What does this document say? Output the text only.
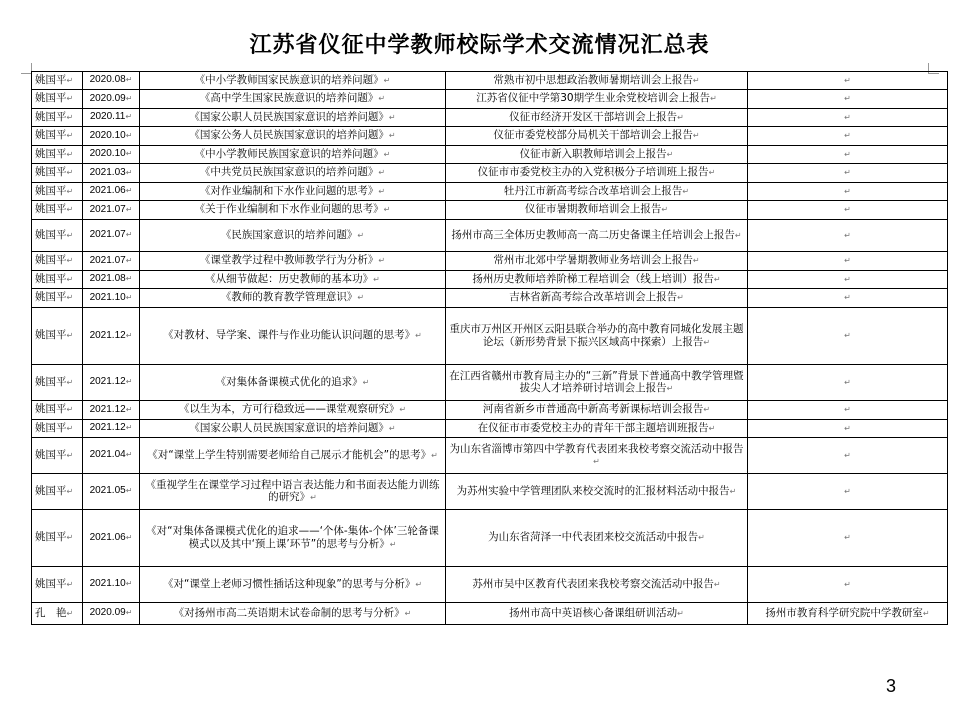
江苏省仪征中学教师校际学术交流情况汇总表
姚国平↵	2020.08↵	《中小学教师国家民族意识的培养问题》↵	常熟市初中思想政治教师暑期培训会上报告↵	↵
姚国平↵	2020.09↵	《高中学生国家民族意识的培养问题》↵	江苏省仪征中学第30期学生业余党校培训会上报告↵	↵
姚国平↵	2020.11↵	《国家公职人员民族国家意识的培养问题》↵	仪征市经济开发区干部培训会上报告↵	↵
姚国平↵	2020.10↵	《国家公务人员民族国家意识的培养问题》↵	仪征市委党校部分局机关干部培训会上报告↵	↵
姚国平↵	2020.10↵	《中小学教师民族国家意识的培养问题》↵	仪征市新入职教师培训会上报告↵	↵
姚国平↵	2021.03↵	《中共党员民族国家意识的培养问题》↵	仪征市市委党校主办的入党积极分子培训班上报告↵	↵
姚国平↵	2021.06↵	《对作业编制和下水作业问题的思考》↵	牡丹江市新高考综合改革培训会上报告↵	↵
姚国平↵	2021.07↵	《关于作业编制和下水作业问题的思考》↵	仪征市暑期教师培训会上报告↵	↵
姚国平↵	2021.07↵	《民族国家意识的培养问题》↵	扬州市高三全体历史教师高一高二历史备课主任培训会上报告↵	↵
姚国平↵	2021.07↵	《课堂教学过程中教师教学行为分析》↵	常州市北郊中学暑期教师业务培训会上报告↵	↵
姚国平↵	2021.08↵	《从细节做起：历史教师的基本功》↵	扬州历史教师培养阶梯工程培训会（线上培训）报告↵	↵
姚国平↵	2021.10↵	《教师的教育教学管理意识》↵	吉林省新高考综合改革培训会上报告↵	↵
姚国平↵	2021.12↵	《对教材、导学案、课件与作业功能认识问题的思考》↵	重庆市万州区开州区云阳县联合举办的高中教育同城化发展主题论坛（新形势背景下振兴区域高中探索）上报告↵	↵
姚国平↵	2021.12↵	《对集体备课模式优化的追求》↵	在江西省赣州市教育局主办的“三新”背景下普通高中教学管理暨拔尖人才培养研讨培训会上报告↵	↵
姚国平↵	2021.12↵	《以生为本，方可行稳致远——课堂观察研究》↵	河南省新乡市普通高中新高考新课标培训会报告↵	↵
姚国平↵	2021.12↵	《国家公职人员民族国家意识的培养问题》↵	在仪征市市委党校主办的青年干部主题培训班报告↵	↵
姚国平↵	2021.04↵	《对“课堂上学生特别需要老师给自己展示才能机会”的思考》↵	为山东省淄博市第四中学教育代表团来我校考察交流活动中报告↵	↵
姚国平↵	2021.05↵	《重视学生在课堂学习过程中语言表达能力和书面表达能力训练的研究》↵	为苏州实验中学管理团队来校交流时的汇报材料活动中报告↵	↵
姚国平↵	2021.06↵	《对“对集体备课模式优化的追求——‘个体-集体-个体’三轮备课模式以及其中‘预上课’环节”的思考与分析》↵	为山东省菏泽一中代表团来校交流活动中报告↵	↵
姚国平↵	2021.10↵	《对“课堂上老师习惯性插话这种现象”的思考与分析》↵	苏州市吴中区教育代表团来我校考察交流活动中报告↵	↵
孔　艳↵	2020.09↵	《对扬州市高二英语期末试卷命制的思考与分析》↵	扬州市高中英语核心备课组研训活动↵	扬州市教育科学研究院中学教研室↵
3
